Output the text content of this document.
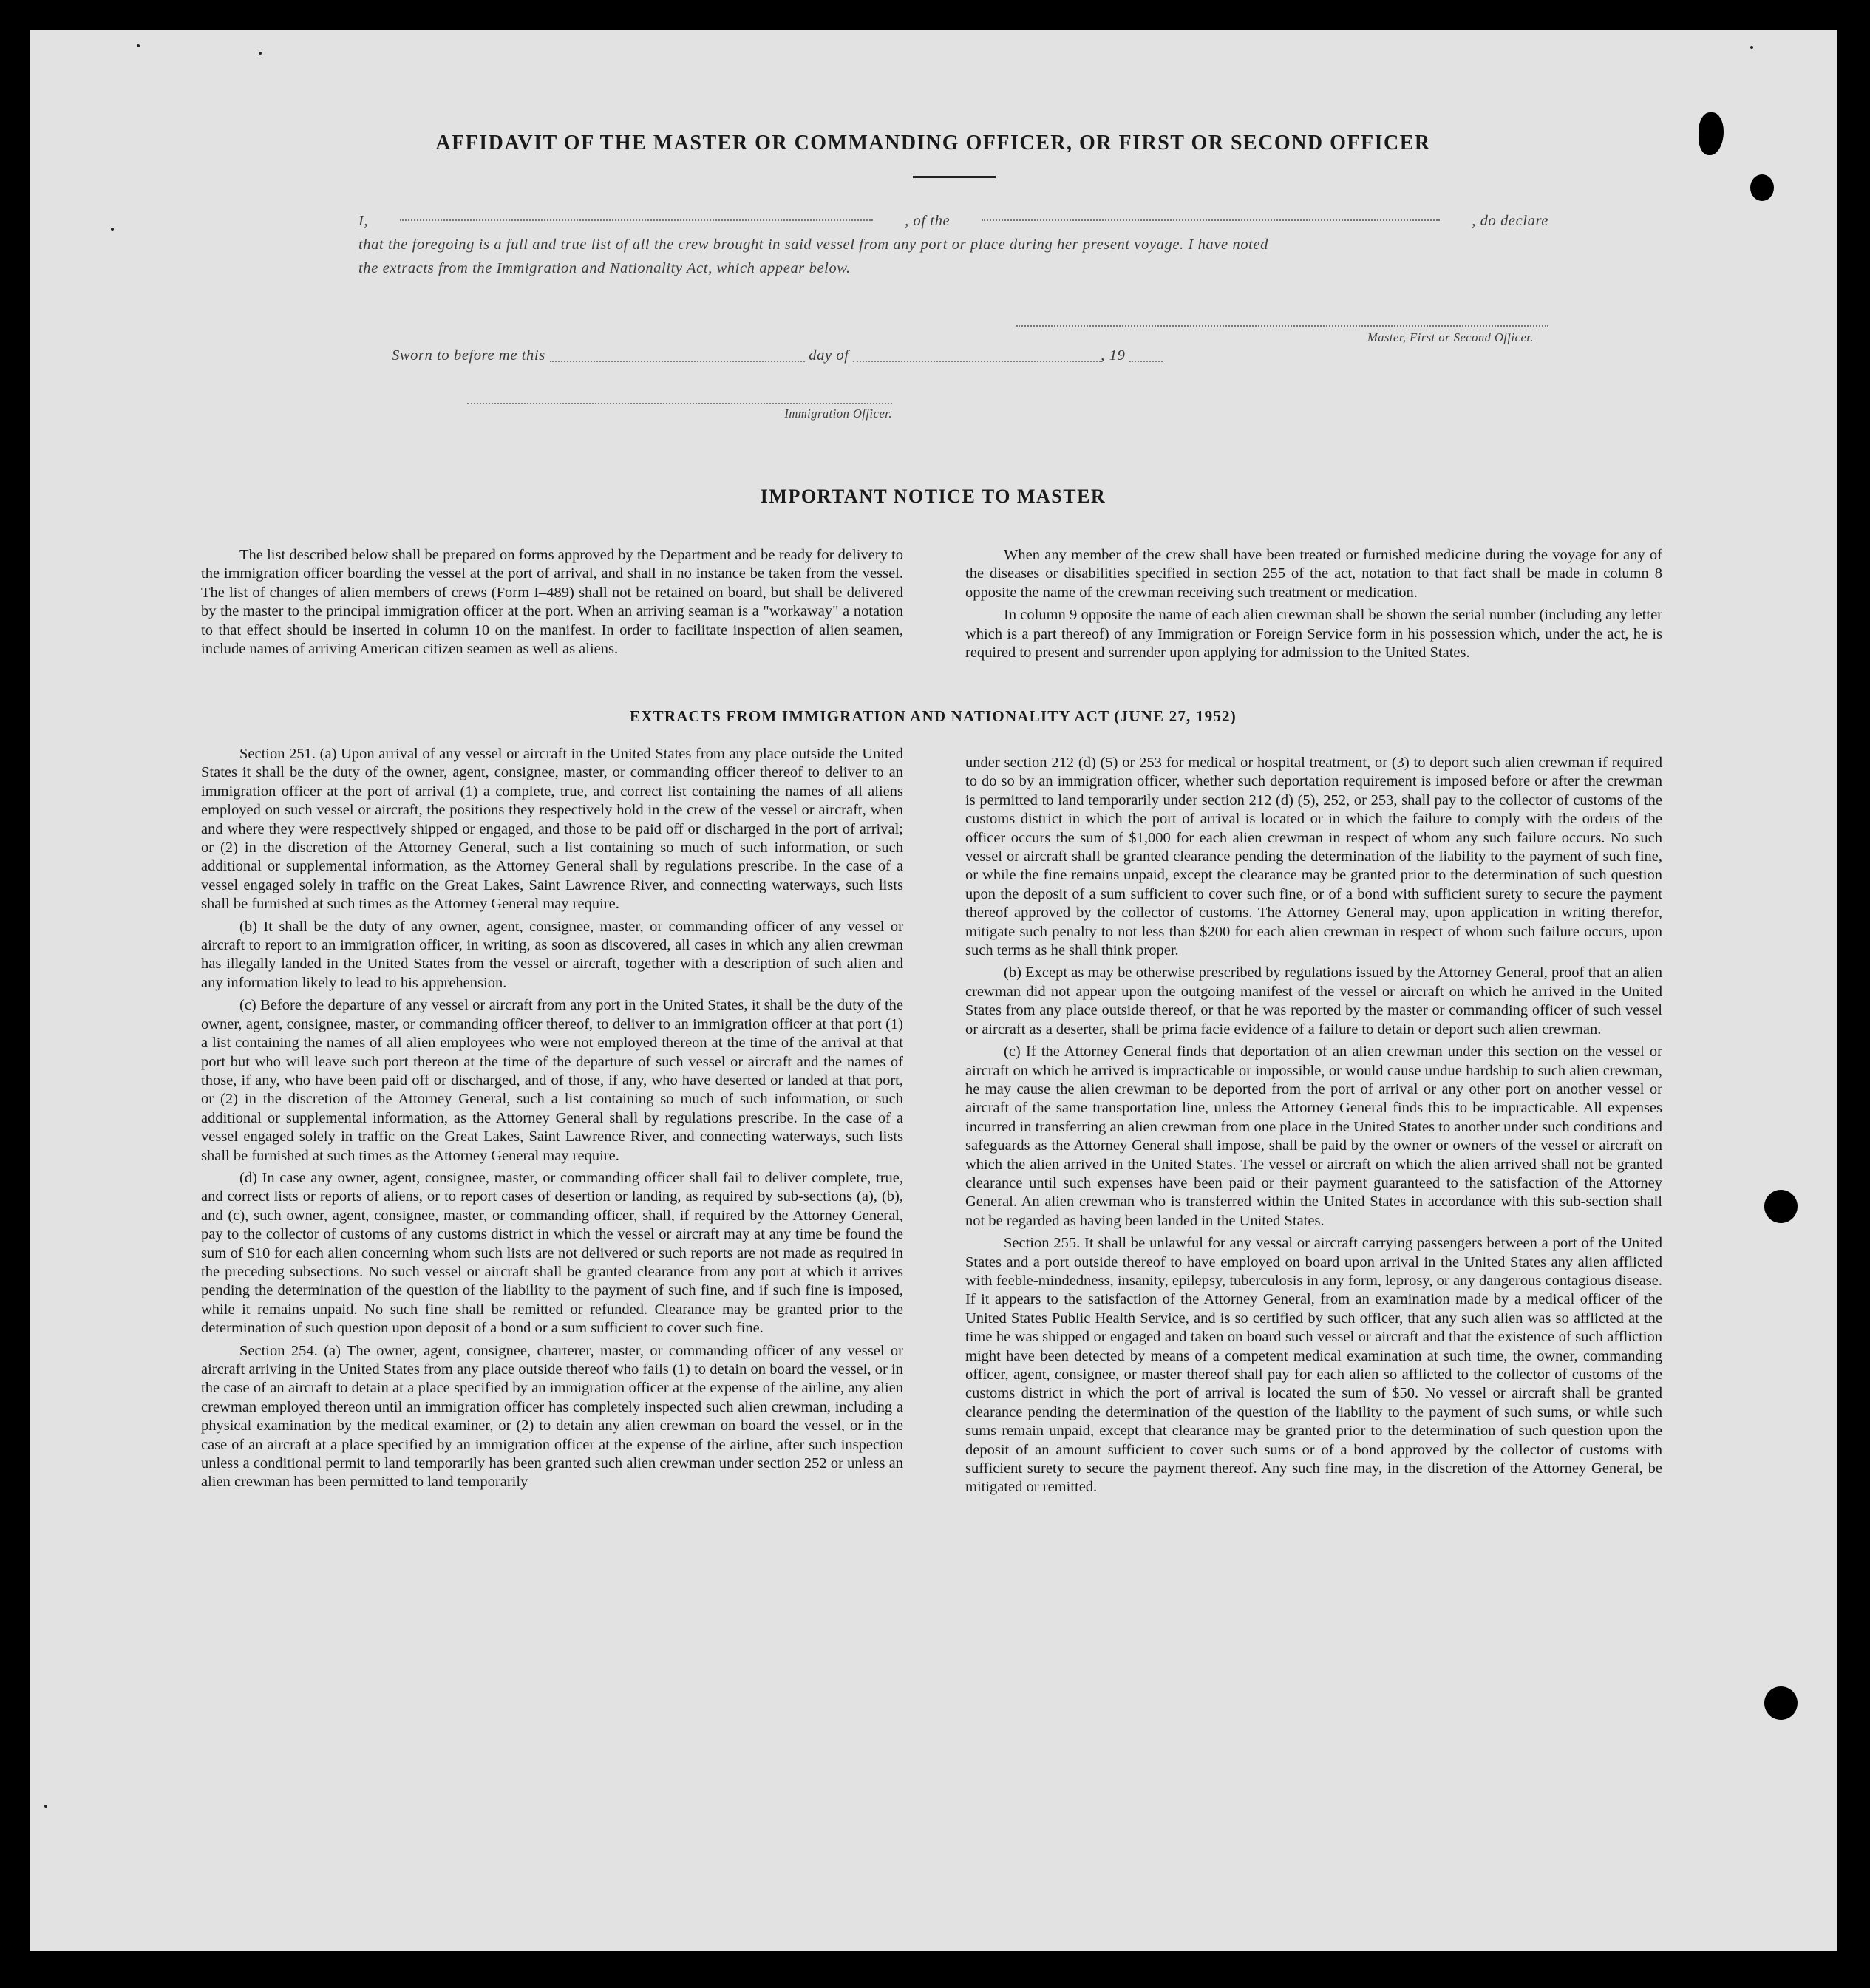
AFFIDAVIT OF THE MASTER OR COMMANDING OFFICER, OR FIRST OR SECOND OFFICER
I,	, of the	, do declare
that the foregoing is a full and true list of all the crew brought in said vessel from any port or place during her present voyage. I have noted
the extracts from the Immigration and Nationality Act, which appear below.
Master, First or Second Officer.
Sworn to before me this	day of	, 19
Immigration Officer.
IMPORTANT NOTICE TO MASTER

The list described below shall be prepared on forms approved by the Department and be ready for delivery to the immigration officer boarding the vessel at the port of arrival, and shall in no instance be taken from the vessel. The list of changes of alien members of crews (Form I–489) shall not be retained on board, but shall be delivered by the master to the principal immigration officer at the port. When an arriving seaman is a "workaway" a notation to that effect should be inserted in column 10 on the manifest. In order to facilitate inspection of alien seamen, include names of arriving American citizen seamen as well as aliens.

When any member of the crew shall have been treated or furnished medicine during the voyage for any of the diseases or disabilities specified in section 255 of the act, notation to that fact shall be made in column 8 opposite the name of the crewman receiving such treatment or medication.

In column 9 opposite the name of each alien crewman shall be shown the serial number (including any letter which is a part thereof) of any Immigration or Foreign Service form in his possession which, under the act, he is required to present and surrender upon applying for admission to the United States.

EXTRACTS FROM IMMIGRATION AND NATIONALITY ACT (JUNE 27, 1952)

Section 251. (a) Upon arrival of any vessel or aircraft in the United States from any place outside the United States it shall be the duty of the owner, agent, consignee, master, or commanding officer thereof to deliver to an immigration officer at the port of arrival (1) a complete, true, and correct list containing the names of all aliens employed on such vessel or aircraft, the positions they respectively hold in the crew of the vessel or aircraft, when and where they were respectively shipped or engaged, and those to be paid off or discharged in the port of arrival; or (2) in the discretion of the Attorney General, such a list containing so much of such information, or such additional or supplemental information, as the Attorney General shall by regulations prescribe. In the case of a vessel engaged solely in traffic on the Great Lakes, Saint Lawrence River, and connecting waterways, such lists shall be furnished at such times as the Attorney General may require.

(b) It shall be the duty of any owner, agent, consignee, master, or commanding officer of any vessel or aircraft to report to an immigration officer, in writing, as soon as discovered, all cases in which any alien crewman has illegally landed in the United States from the vessel or aircraft, together with a description of such alien and any information likely to lead to his apprehension.

(c) Before the departure of any vessel or aircraft from any port in the United States, it shall be the duty of the owner, agent, consignee, master, or commanding officer thereof, to deliver to an immigration officer at that port (1) a list containing the names of all alien employees who were not employed thereon at the time of the arrival at that port but who will leave such port thereon at the time of the departure of such vessel or aircraft and the names of those, if any, who have been paid off or discharged, and of those, if any, who have deserted or landed at that port, or (2) in the discretion of the Attorney General, such a list containing so much of such information, or such additional or supplemental information, as the Attorney General shall by regulations prescribe. In the case of a vessel engaged solely in traffic on the Great Lakes, Saint Lawrence River, and connecting waterways, such lists shall be furnished at such times as the Attorney General may require.

(d) In case any owner, agent, consignee, master, or commanding officer shall fail to deliver complete, true, and correct lists or reports of aliens, or to report cases of desertion or landing, as required by sub-sections (a), (b), and (c), such owner, agent, consignee, master, or commanding officer, shall, if required by the Attorney General, pay to the collector of customs of any customs district in which the vessel or aircraft may at any time be found the sum of $10 for each alien concerning whom such lists are not delivered or such reports are not made as required in the preceding subsections. No such vessel or aircraft shall be granted clearance from any port at which it arrives pending the determination of the question of the liability to the payment of such fine, and if such fine is imposed, while it remains unpaid. No such fine shall be remitted or refunded. Clearance may be granted prior to the determination of such question upon deposit of a bond or a sum sufficient to cover such fine.

Section 254. (a) The owner, agent, consignee, charterer, master, or commanding officer of any vessel or aircraft arriving in the United States from any place outside thereof who fails (1) to detain on board the vessel, or in the case of an aircraft to detain at a place specified by an immigration officer at the expense of the airline, any alien crewman employed thereon until an immigration officer has completely inspected such alien crewman, including a physical examination by the medical examiner, or (2) to detain any alien crewman on board the vessel, or in the case of an aircraft at a place specified by an immigration officer at the expense of the airline, after such inspection unless a conditional permit to land temporarily has been granted such alien crewman under section 252 or unless an alien crewman has been permitted to land temporarily

under section 212 (d) (5) or 253 for medical or hospital treatment, or (3) to deport such alien crewman if required to do so by an immigration officer, whether such deportation requirement is imposed before or after the crewman is permitted to land temporarily under section 212 (d) (5), 252, or 253, shall pay to the collector of customs of the customs district in which the port of arrival is located or in which the failure to comply with the orders of the officer occurs the sum of $1,000 for each alien crewman in respect of whom any such failure occurs. No such vessel or aircraft shall be granted clearance pending the determination of the liability to the payment of such fine, or while the fine remains unpaid, except the clearance may be granted prior to the determination of such question upon the deposit of a sum sufficient to cover such fine, or of a bond with sufficient surety to secure the payment thereof approved by the collector of customs. The Attorney General may, upon application in writing therefor, mitigate such penalty to not less than $200 for each alien crewman in respect of whom such failure occurs, upon such terms as he shall think proper.

(b) Except as may be otherwise prescribed by regulations issued by the Attorney General, proof that an alien crewman did not appear upon the outgoing manifest of the vessel or aircraft on which he arrived in the United States from any place outside thereof, or that he was reported by the master or commanding officer of such vessel or aircraft as a deserter, shall be prima facie evidence of a failure to detain or deport such alien crewman.

(c) If the Attorney General finds that deportation of an alien crewman under this section on the vessel or aircraft on which he arrived is impracticable or impossible, or would cause undue hardship to such alien crewman, he may cause the alien crewman to be deported from the port of arrival or any other port on another vessel or aircraft of the same transportation line, unless the Attorney General finds this to be impracticable. All expenses incurred in transferring an alien crewman from one place in the United States to another under such conditions and safeguards as the Attorney General shall impose, shall be paid by the owner or owners of the vessel or aircraft on which the alien arrived in the United States. The vessel or aircraft on which the alien arrived shall not be granted clearance until such expenses have been paid or their payment guaranteed to the satisfaction of the Attorney General. An alien crewman who is transferred within the United States in accordance with this sub-section shall not be regarded as having been landed in the United States.

Section 255. It shall be unlawful for any vessal or aircraft carrying passengers between a port of the United States and a port outside thereof to have employed on board upon arrival in the United States any alien afflicted with feeble-mindedness, insanity, epilepsy, tuberculosis in any form, leprosy, or any dangerous contagious disease. If it appears to the satisfaction of the Attorney General, from an examination made by a medical officer of the United States Public Health Service, and is so certified by such officer, that any such alien was so afflicted at the time he was shipped or engaged and taken on board such vessel or aircraft and that the existence of such affliction might have been detected by means of a competent medical examination at such time, the owner, commanding officer, agent, consignee, or master thereof shall pay for each alien so afflicted to the collector of customs of the customs district in which the port of arrival is located the sum of $50. No vessel or aircraft shall be granted clearance pending the determination of the question of the liability to the payment of such sums, or while such sums remain unpaid, except that clearance may be granted prior to the determination of such question upon the deposit of an amount sufficient to cover such sums or of a bond approved by the collector of customs with sufficient surety to secure the payment thereof. Any such fine may, in the discretion of the Attorney General, be mitigated or remitted.
